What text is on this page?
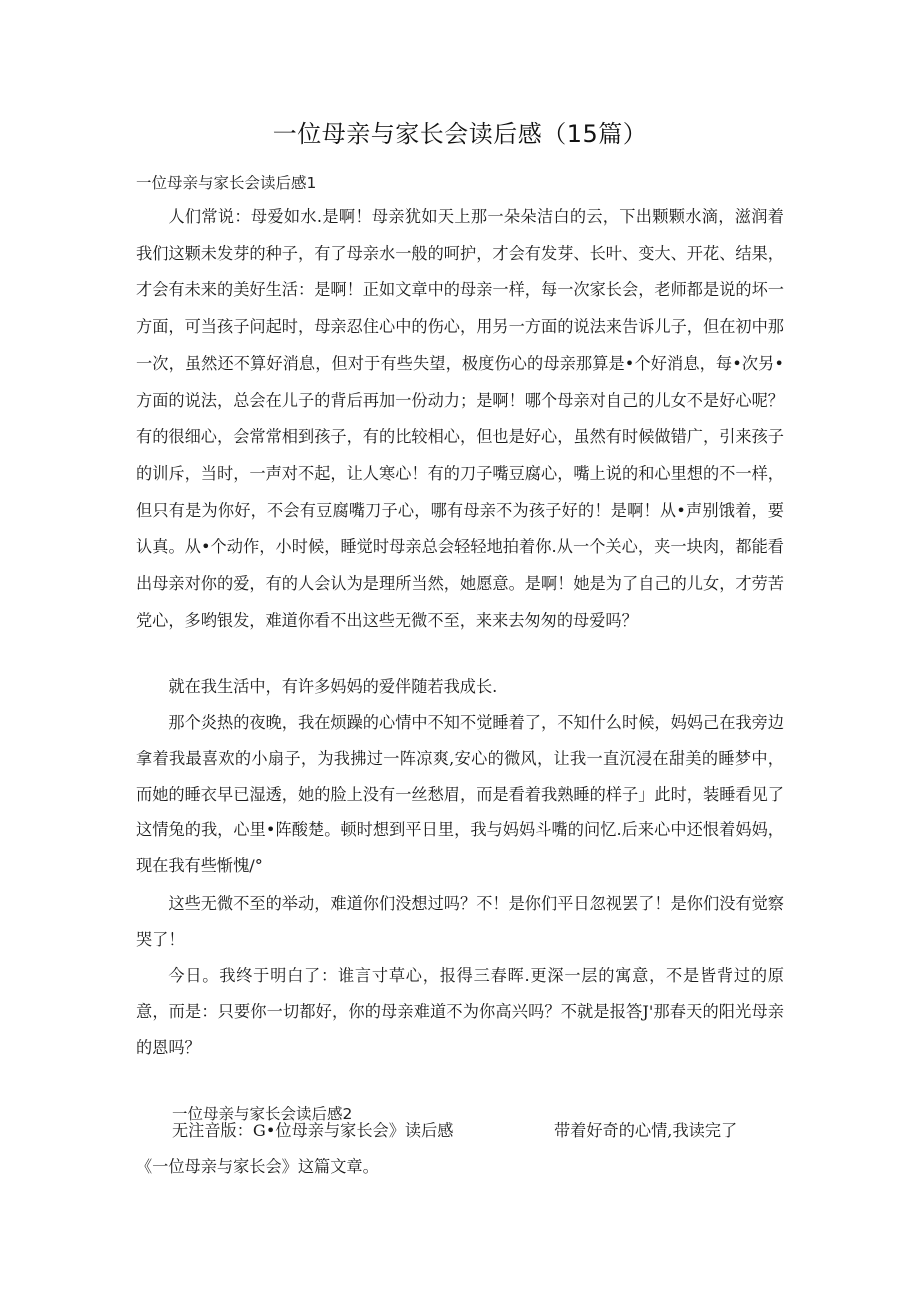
一位母亲与家长会读后感（15篇）
一位母亲与家长会读后感1

人们常说：母爱如水.是啊！母亲犹如天上那一朵朵洁白的云，下出颗颗水滴，滋润着我们这颗未发芽的种子，有了母亲水一般的呵护，才会有发芽、长叶、变大、开花、结果，才会有未来的美好生活：是啊！正如文章中的母亲一样，每一次家长会，老师都是说的坏一方面，可当孩子问起时，母亲忍住心中的伤心，用另一方面的说法来告诉儿子，但在初中那一次，虽然还不算好消息，但对于有些失望，极度伤心的母亲那算是•个好消息，每•次另•方面的说法，总会在儿子的背后再加一份动力；是啊！哪个母亲对自己的儿女不是好心呢？有的很细心，会常常相到孩子，有的比较相心，但也是好心，虽然有时候做错广，引来孩子的训斥，当时，一声对不起，让人寒心！有的刀子嘴豆腐心，嘴上说的和心里想的不一样，但只有是为你好，不会有豆腐嘴刀子心，哪有母亲不为孩子好的！是啊！从•声别饿着，要认真。从•个动作，小时候，睡觉时母亲总会轻轻地拍着你.从一个关心，夹一块肉，都能看出母亲对你的爱，有的人会认为是理所当然，她愿意。是啊！她是为了自己的儿女，才劳苦党心，多哟银发，难道你看不出这些无微不至，来来去匆匆的母爱吗？

就在我生活中，有许多妈妈的爱伴随若我成长.

那个炎热的夜晚，我在烦躁的心情中不知不觉睡着了，不知什么时候，妈妈己在我旁边拿着我最喜欢的小扇子，为我拂过一阵凉爽,安心的微风，让我一直沉浸在甜美的睡梦中，而她的睡衣早已湿透，她的脸上没有一丝愁眉，而是看着我熟睡的样子」此时，装睡看见了这情兔的我，心里•阵酸楚。顿时想到平日里，我与妈妈斗嘴的问忆.后来心中还恨着妈妈，现在我有些惭愧/°

这些无微不至的举动，难道你们没想过吗？不！是你们平日忽视罢了！是你们没有觉察哭了！

今日。我终于明白了：谁言寸草心，报得三春晖.更深一层的寓意，不是皆背过的原意，而是：只要你一切都好，你的母亲难道不为你高兴吗？不就是报答J'那春天的阳光母亲的恩吗？

一位母亲与家长会读后感2
无注音版：G•位母亲与家长会》读后感	带着好奇的心情,我读完了
《一位母亲与家长会》这篇文章。
